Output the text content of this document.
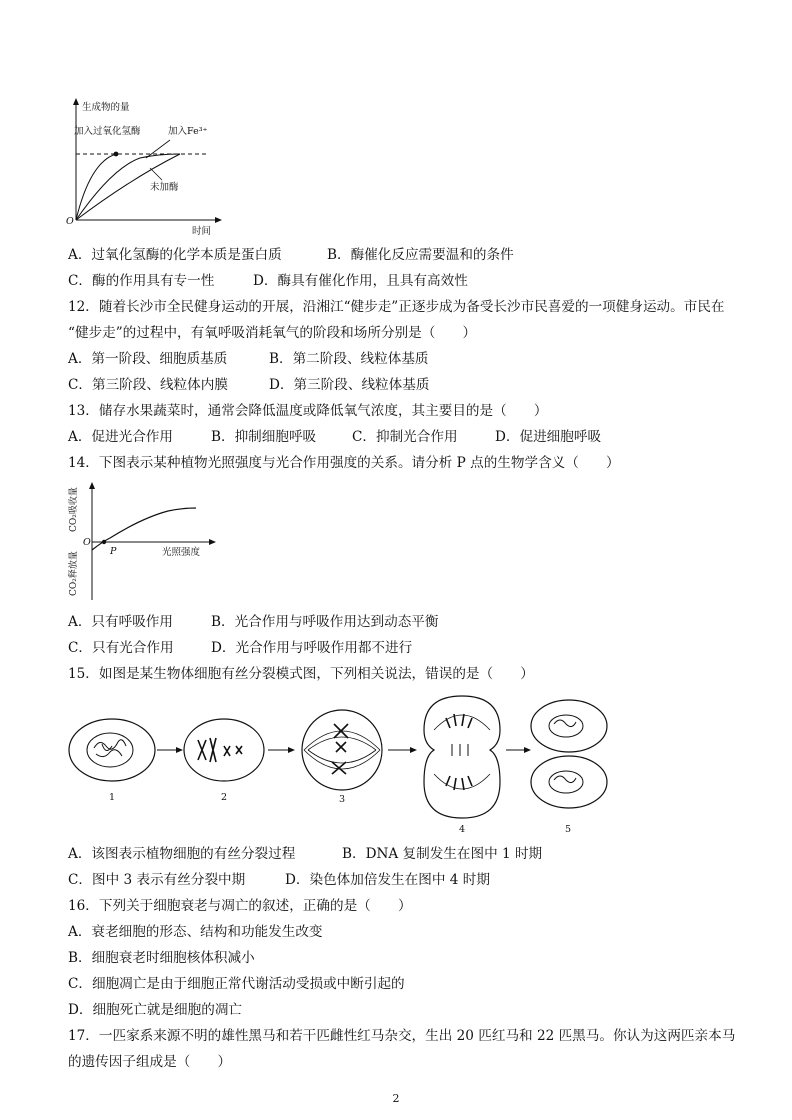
生成物的量
加入过氧化氢酶	加入Fe³⁺
未加酶
时间
O
A．过氧化氢酶的化学本质是蛋白质	B．酶催化反应需要温和的条件
C．酶的作用具有专一性	D．酶具有催化作用，且具有高效性
12．随着长沙市全民健身运动的开展，沿湘江“健步走”正逐步成为备受长沙市民喜爱的一项健身运动。市民在
“健步走”的过程中，有氧呼吸消耗氧气的阶段和场所分别是（　　）
A．第一阶段、细胞质基质	B．第二阶段、线粒体基质
C．第三阶段、线粒体内膜	D．第三阶段、线粒体基质
13．储存水果蔬菜时，通常会降低温度或降低氧气浓度，其主要目的是（　　）
A．促进光合作用	B．抑制细胞呼吸	C．抑制光合作用	D．促进细胞呼吸
14．下图表示某种植物光照强度与光合作用强度的关系。请分析 P 点的生物学含义（　　）
CO₂吸收量
CO₂释放量
O
P	光照强度
A．只有呼吸作用	B．光合作用与呼吸作用达到动态平衡
C．只有光合作用	D．光合作用与呼吸作用都不进行
15．如图是某生物体细胞有丝分裂模式图，下列相关说法，错误的是（　　）
1	2	3
4	5
A．该图表示植物细胞的有丝分裂过程	B．DNA 复制发生在图中 1 时期
C．图中 3 表示有丝分裂中期	D．染色体加倍发生在图中 4 时期
16．下列关于细胞衰老与凋亡的叙述，正确的是（　　）
A．衰老细胞的形态、结构和功能发生改变
B．细胞衰老时细胞核体积减小
C．细胞凋亡是由于细胞正常代谢活动受损或中断引起的
D．细胞死亡就是细胞的凋亡
17．一匹家系来源不明的雄性黑马和若干匹雌性红马杂交，生出 20 匹红马和 22 匹黑马。你认为这两匹亲本马
的遗传因子组成是（　　）
2
